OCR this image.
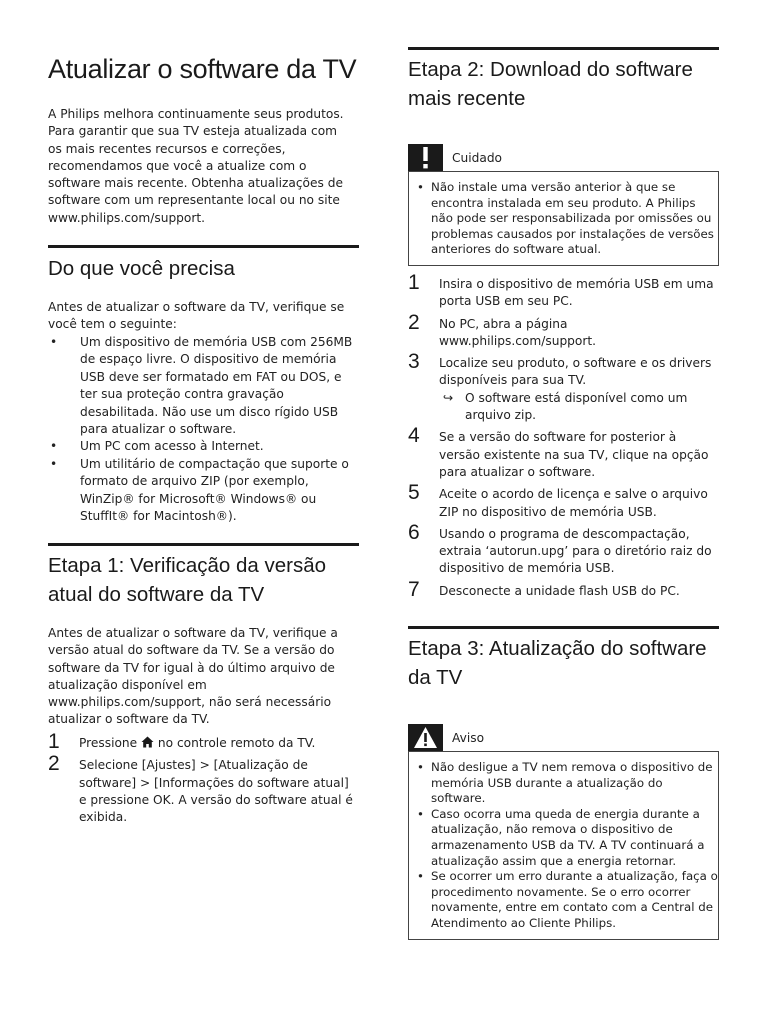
Atualizar o software da TV

A Philips melhora continuamente seus produtos. Para garantir que sua TV esteja atualizada com os mais recentes recursos e correções, recomendamos que você a atualize com o software mais recente. Obtenha atualizações de software com um representante local ou no site www.philips.com/support.

Do que você precisa

Antes de atualizar o software da TV, verifique se você tem o seguinte:

• Um dispositivo de memória USB com 256MB de espaço livre. O dispositivo de memória USB deve ser formatado em FAT ou DOS, e ter sua proteção contra gravação desabilitada. Não use um disco rígido USB para atualizar o software.
• Um PC com acesso à Internet.
• Um utilitário de compactação que suporte o formato de arquivo ZIP (por exemplo, WinZip® for Microsoft® Windows® ou StuffIt® for Macintosh®).
Etapa 1: Verificação da versão atual do software da TV

Antes de atualizar o software da TV, verifique a versão atual do software da TV. Se a versão do software da TV for igual à do último arquivo de atualização disponível em www.philips.com/support, não será necessário atualizar o software da TV.

1 Pressione  no controle remoto da TV.
2 Selecione [Ajustes] > [Atualização de software] > [Informações do software atual] e pressione OK. A versão do software atual é exibida.
Etapa 2: Download do software mais recente
Cuidado
• Não instale uma versão anterior à que se encontra instalada em seu produto. A Philips não pode ser responsabilizada por omissões ou problemas causados por instalações de versões anteriores do software atual.
1 Insira o dispositivo de memória USB em uma porta USB em seu PC.
2 No PC, abra a página www.philips.com/support.
3 Localize seu produto, o software e os drivers disponíveis para sua TV.
↪ O software está disponível como um arquivo zip.
4 Se a versão do software for posterior à versão existente na sua TV, clique na opção para atualizar o software.
5 Aceite o acordo de licença e salve o arquivo ZIP no dispositivo de memória USB.
6 Usando o programa de descompactação, extraia ‘autorun.upg’ para o diretório raiz do dispositivo de memória USB.
7 Desconecte a unidade flash USB do PC.
Etapa 3: Atualização do software da TV
Aviso
• Não desligue a TV nem remova o dispositivo de memória USB durante a atualização do software.
• Caso ocorra uma queda de energia durante a atualização, não remova o dispositivo de armazenamento USB da TV. A TV continuará a atualização assim que a energia retornar.
• Se ocorrer um erro durante a atualização, faça o procedimento novamente. Se o erro ocorrer novamente, entre em contato com a Central de Atendimento ao Cliente Philips.
